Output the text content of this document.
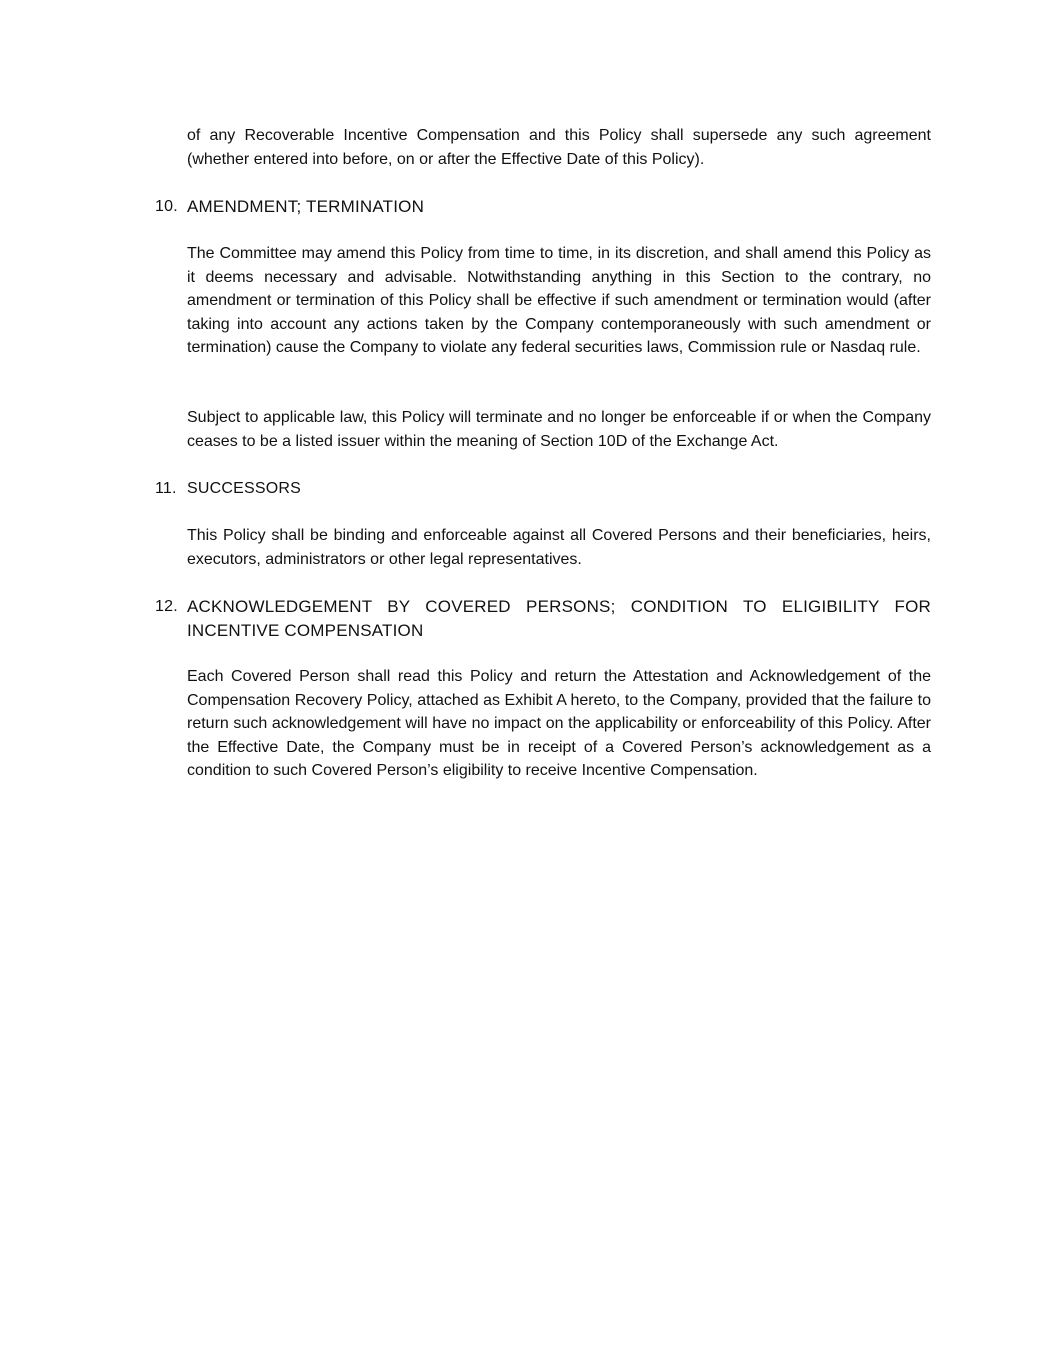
of any Recoverable Incentive Compensation and this Policy shall supersede any such agreement (whether entered into before, on or after the Effective Date of this Policy).

10. AMENDMENT; TERMINATION

The Committee may amend this Policy from time to time, in its discretion, and shall amend this Policy as it deems necessary and advisable. Notwithstanding anything in this Section to the contrary, no amendment or termination of this Policy shall be effective if such amendment or termination would (after taking into account any actions taken by the Company contemporaneously with such amendment or termination) cause the Company to violate any federal securities laws, Commission rule or Nasdaq rule.

Subject to applicable law, this Policy will terminate and no longer be enforceable if or when the Company ceases to be a listed issuer within the meaning of Section 10D of the Exchange Act.

11. SUCCESSORS

This Policy shall be binding and enforceable against all Covered Persons and their beneficiaries, heirs, executors, administrators or other legal representatives.

12. ACKNOWLEDGEMENT BY COVERED PERSONS; CONDITION TO ELIGIBILITY FOR INCENTIVE COMPENSATION

Each Covered Person shall read this Policy and return the Attestation and Acknowledgement of the Compensation Recovery Policy, attached as Exhibit A hereto, to the Company, provided that the failure to return such acknowledgement will have no impact on the applicability or enforceability of this Policy. After the Effective Date, the Company must be in receipt of a Covered Person’s acknowledgement as a condition to such Covered Person’s eligibility to receive Incentive Compensation.
